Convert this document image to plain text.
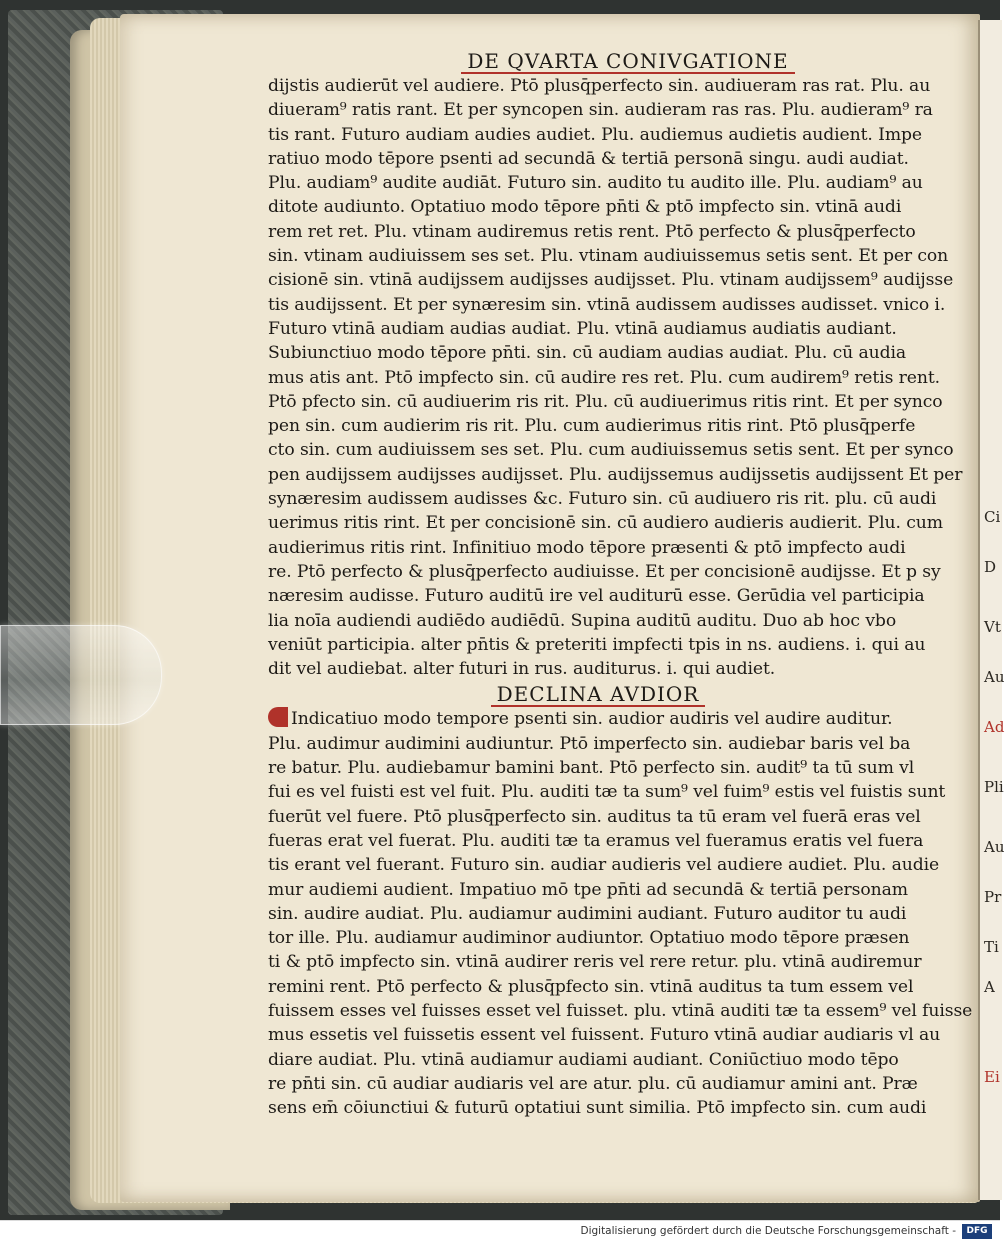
Ci
D
Vt
Au
Ad
Pli
Au
Pr
Ti
A
Ei
DE QVARTA CONIVGATIONE
dijstis audierūt vel audiere. Ptō plusq̄perfecto sin. audiueram ras rat. Plu. au
diueram⁹ ratis rant. Et per syncopen sin. audieram ras ras. Plu. audieram⁹ ra
tis rant. Futuro audiam audies audiet. Plu. audiemus audietis audient. Impe
ratiuo modo tēpore psenti ad secundā & tertiā personā singu. audi audiat.
Plu. audiam⁹ audite audiāt. Futuro sin. audito tu audito ille. Plu. audiam⁹ au
ditote audiunto. Optatiuo modo tēpore pn̄ti & ptō impfecto sin. vtinā audi
rem ret ret. Plu. vtinam audiremus retis rent. Ptō perfecto & plusq̄perfecto
sin. vtinam audiuissem ses set. Plu. vtinam audiuissemus setis sent. Et per con
cisionē sin. vtinā audijssem audijsses audijsset. Plu. vtinam audijssem⁹ audijsse
tis audijssent. Et per synæresim sin. vtinā audissem audisses audisset. vnico i.
Futuro vtinā audiam audias audiat. Plu. vtinā audiamus audiatis audiant.
Subiunctiuo modo tēpore pn̄ti. sin. cū audiam audias audiat. Plu. cū audia
mus atis ant. Ptō impfecto sin. cū audire res ret. Plu. cum audirem⁹ retis rent.
Ptō pfecto sin. cū audiuerim ris rit. Plu. cū audiuerimus ritis rint. Et per synco
pen sin. cum audierim ris rit. Plu. cum audierimus ritis rint. Ptō plusq̄perfe
cto sin. cum audiuissem ses set. Plu. cum audiuissemus setis sent. Et per synco
pen audijssem audijsses audijsset. Plu. audijssemus audijssetis audijssent Et per
synæresim audissem audisses &c. Futuro sin. cū audiuero ris rit. plu. cū audi
uerimus ritis rint. Et per concisionē sin. cū audiero audieris audierit. Plu. cum
audierimus ritis rint. Infinitiuo modo tēpore præsenti & ptō impfecto audi
re. Ptō perfecto & plusq̄perfecto audiuisse. Et per concisionē audijsse. Et p sy
næresim audisse. Futuro auditū ire vel auditurū esse. Gerūdia vel participia
lia noīa audiendi audiēdo audiēdū. Supina auditū auditu. Duo ab hoc vbo
veniūt participia. alter pn̄tis & preteriti impfecti tpis in ns. audiens. i. qui au
dit vel audiebat. alter futuri in rus. auditurus. i. qui audiet.
DECLINA AVDIOR
Indicatiuo modo tempore psenti sin. audior audiris vel audire auditur.
Plu. audimur audimini audiuntur. Ptō imperfecto sin. audiebar baris vel ba
re batur. Plu. audiebamur bamini bant. Ptō perfecto sin. audit⁹ ta tū sum vl
fui es vel fuisti est vel fuit. Plu. auditi tæ ta sum⁹ vel fuim⁹ estis vel fuistis sunt
fuerūt vel fuere. Ptō plusq̄perfecto sin. auditus ta tū eram vel fuerā eras vel
fueras erat vel fuerat. Plu. auditi tæ ta eramus vel fueramus eratis vel fuera
tis erant vel fuerant. Futuro sin. audiar audieris vel audiere audiet. Plu. audie
mur audiemi audient. Impatiuo mō tpe pn̄ti ad secundā & tertiā personam
sin. audire audiat. Plu. audiamur audimini audiant. Futuro auditor tu audi
tor ille. Plu. audiamur audiminor audiuntor. Optatiuo modo tēpore præsen
ti & ptō impfecto sin. vtinā audirer reris vel rere retur. plu. vtinā audiremur
remini rent. Ptō perfecto & plusq̄pfecto sin. vtinā auditus ta tum essem vel
fuissem esses vel fuisses esset vel fuisset. plu. vtinā auditi tæ ta essem⁹ vel fuisse
mus essetis vel fuissetis essent vel fuissent. Futuro vtinā audiar audiaris vl au
diare audiat. Plu. vtinā audiamur audiami audiant. Coniūctiuo modo tēpo
re pn̄ti sin. cū audiar audiaris vel are atur. plu. cū audiamur amini ant. Præ
sens em̄ cōiunctiui & futurū optatiui sunt similia. Ptō impfecto sin. cum audi
Digitalisierung gefördert durch die Deutsche Forschungsgemeinschaft -	DFG
